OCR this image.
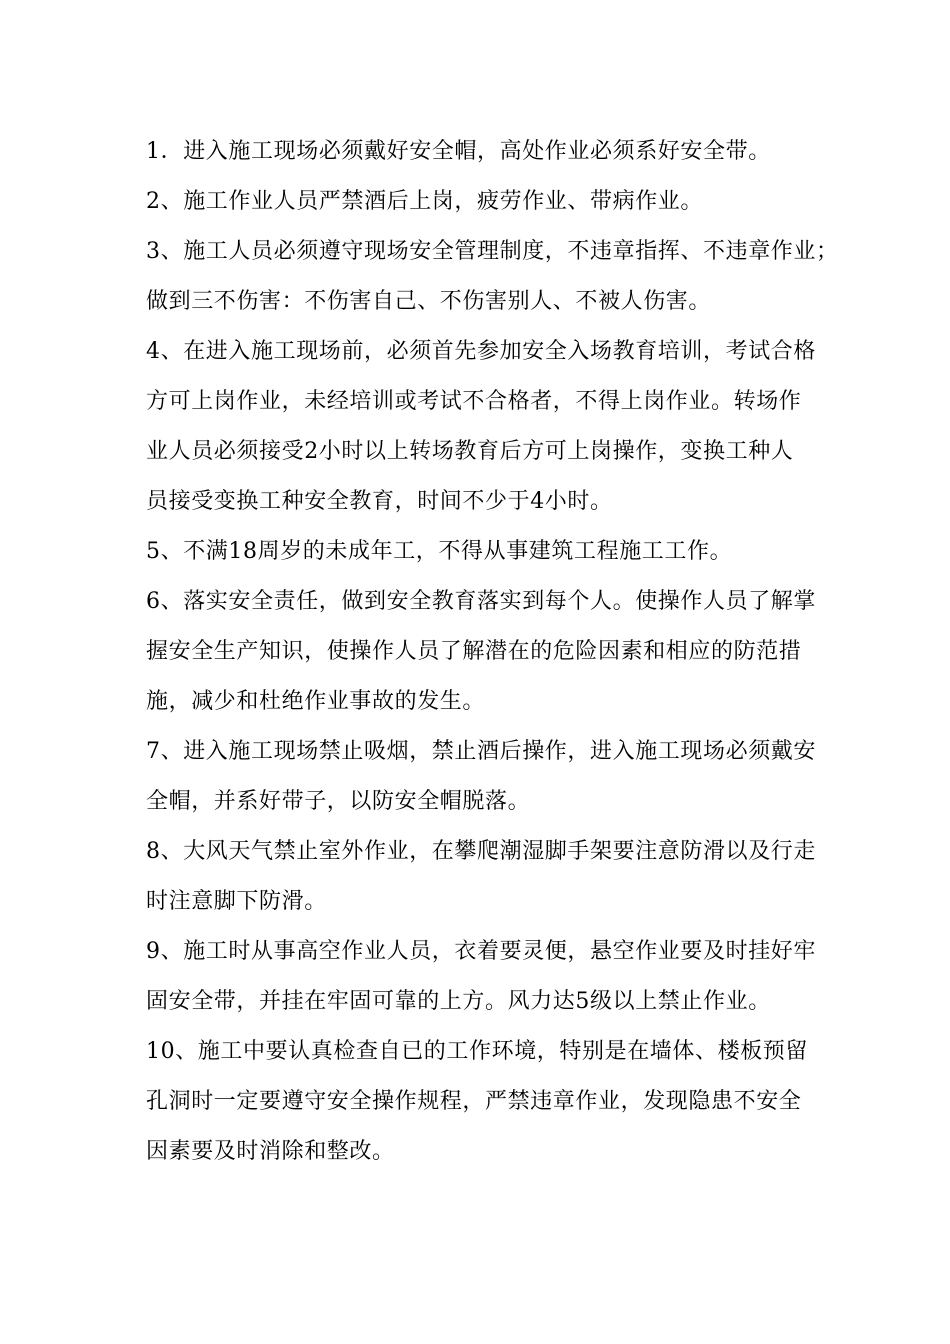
1．进入施工现场必须戴好安全帽，高处作业必须系好安全带。
2、施工作业人员严禁酒后上岗，疲劳作业、带病作业。
3、施工人员必须遵守现场安全管理制度，不违章指挥、不违章作业；
做到三不伤害：不伤害自己、不伤害别人、不被人伤害。
4、在进入施工现场前，必须首先参加安全入场教育培训，考试合格
方可上岗作业，未经培训或考试不合格者，不得上岗作业。转场作
业人员必须接受2小时以上转场教育后方可上岗操作，变换工种人
员接受变换工种安全教育，时间不少于4小时。
5、不满18周岁的未成年工，不得从事建筑工程施工工作。
6、落实安全责任，做到安全教育落实到每个人。使操作人员了解掌
握安全生产知识，使操作人员了解潜在的危险因素和相应的防范措
施，减少和杜绝作业事故的发生。
7、进入施工现场禁止吸烟，禁止酒后操作，进入施工现场必须戴安
全帽，并系好带子，以防安全帽脱落。
8、大风天气禁止室外作业，在攀爬潮湿脚手架要注意防滑以及行走
时注意脚下防滑。
9、施工时从事高空作业人员，衣着要灵便，悬空作业要及时挂好牢
固安全带，并挂在牢固可靠的上方。风力达5级以上禁止作业。
10、施工中要认真检查自已的工作环境，特别是在墙体、楼板预留
孔洞时一定要遵守安全操作规程，严禁违章作业，发现隐患不安全
因素要及时消除和整改。
